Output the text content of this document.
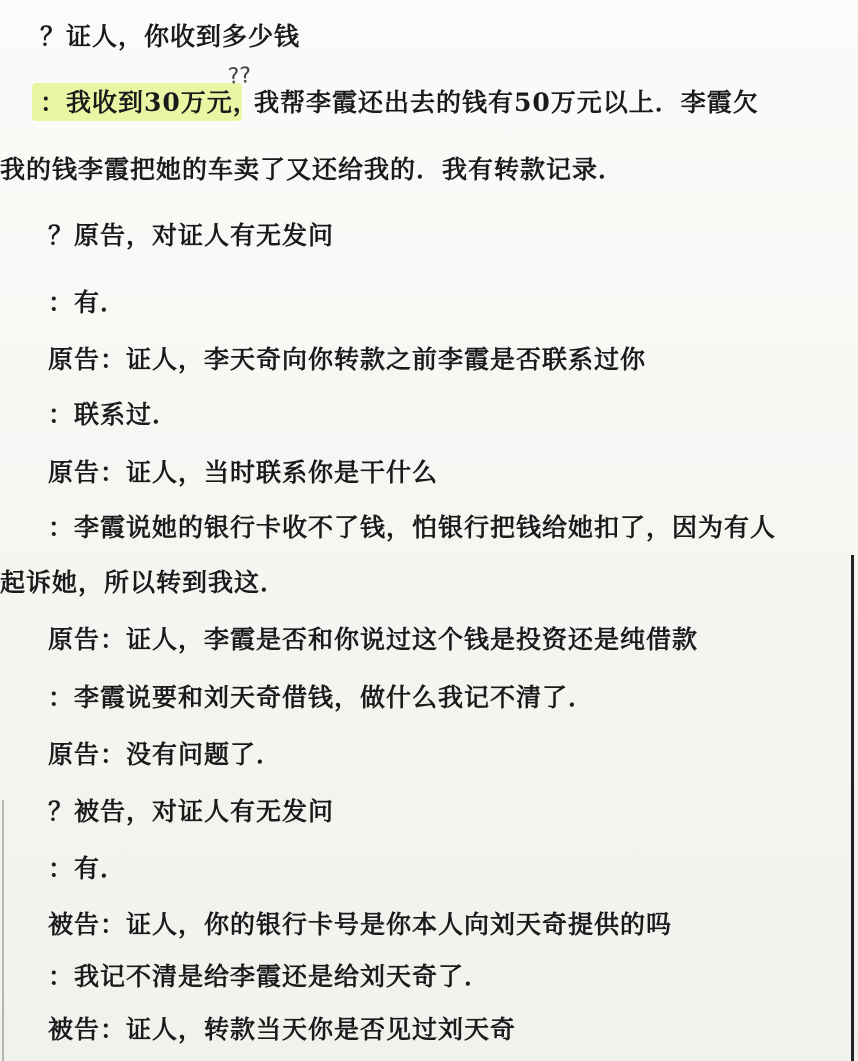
？证人，你收到多少钱

：我收到30万元，

??

我帮李霞还出去的钱有50万元以上．李霞欠

我的钱李霞把她的车卖了又还给我的．我有转款记录．

？原告，对证人有无发问

：有．

原告：证人，李天奇向你转款之前李霞是否联系过你

：联系过．

原告：证人，当时联系你是干什么

：李霞说她的银行卡收不了钱，怕银行把钱给她扣了，因为有人

起诉她，所以转到我这．

原告：证人，李霞是否和你说过这个钱是投资还是纯借款

：李霞说要和刘天奇借钱，做什么我记不清了．

原告：没有问题了．

？被告，对证人有无发问

：有．

被告：证人，你的银行卡号是你本人向刘天奇提供的吗

：我记不清是给李霞还是给刘天奇了．

被告：证人，转款当天你是否见过刘天奇
